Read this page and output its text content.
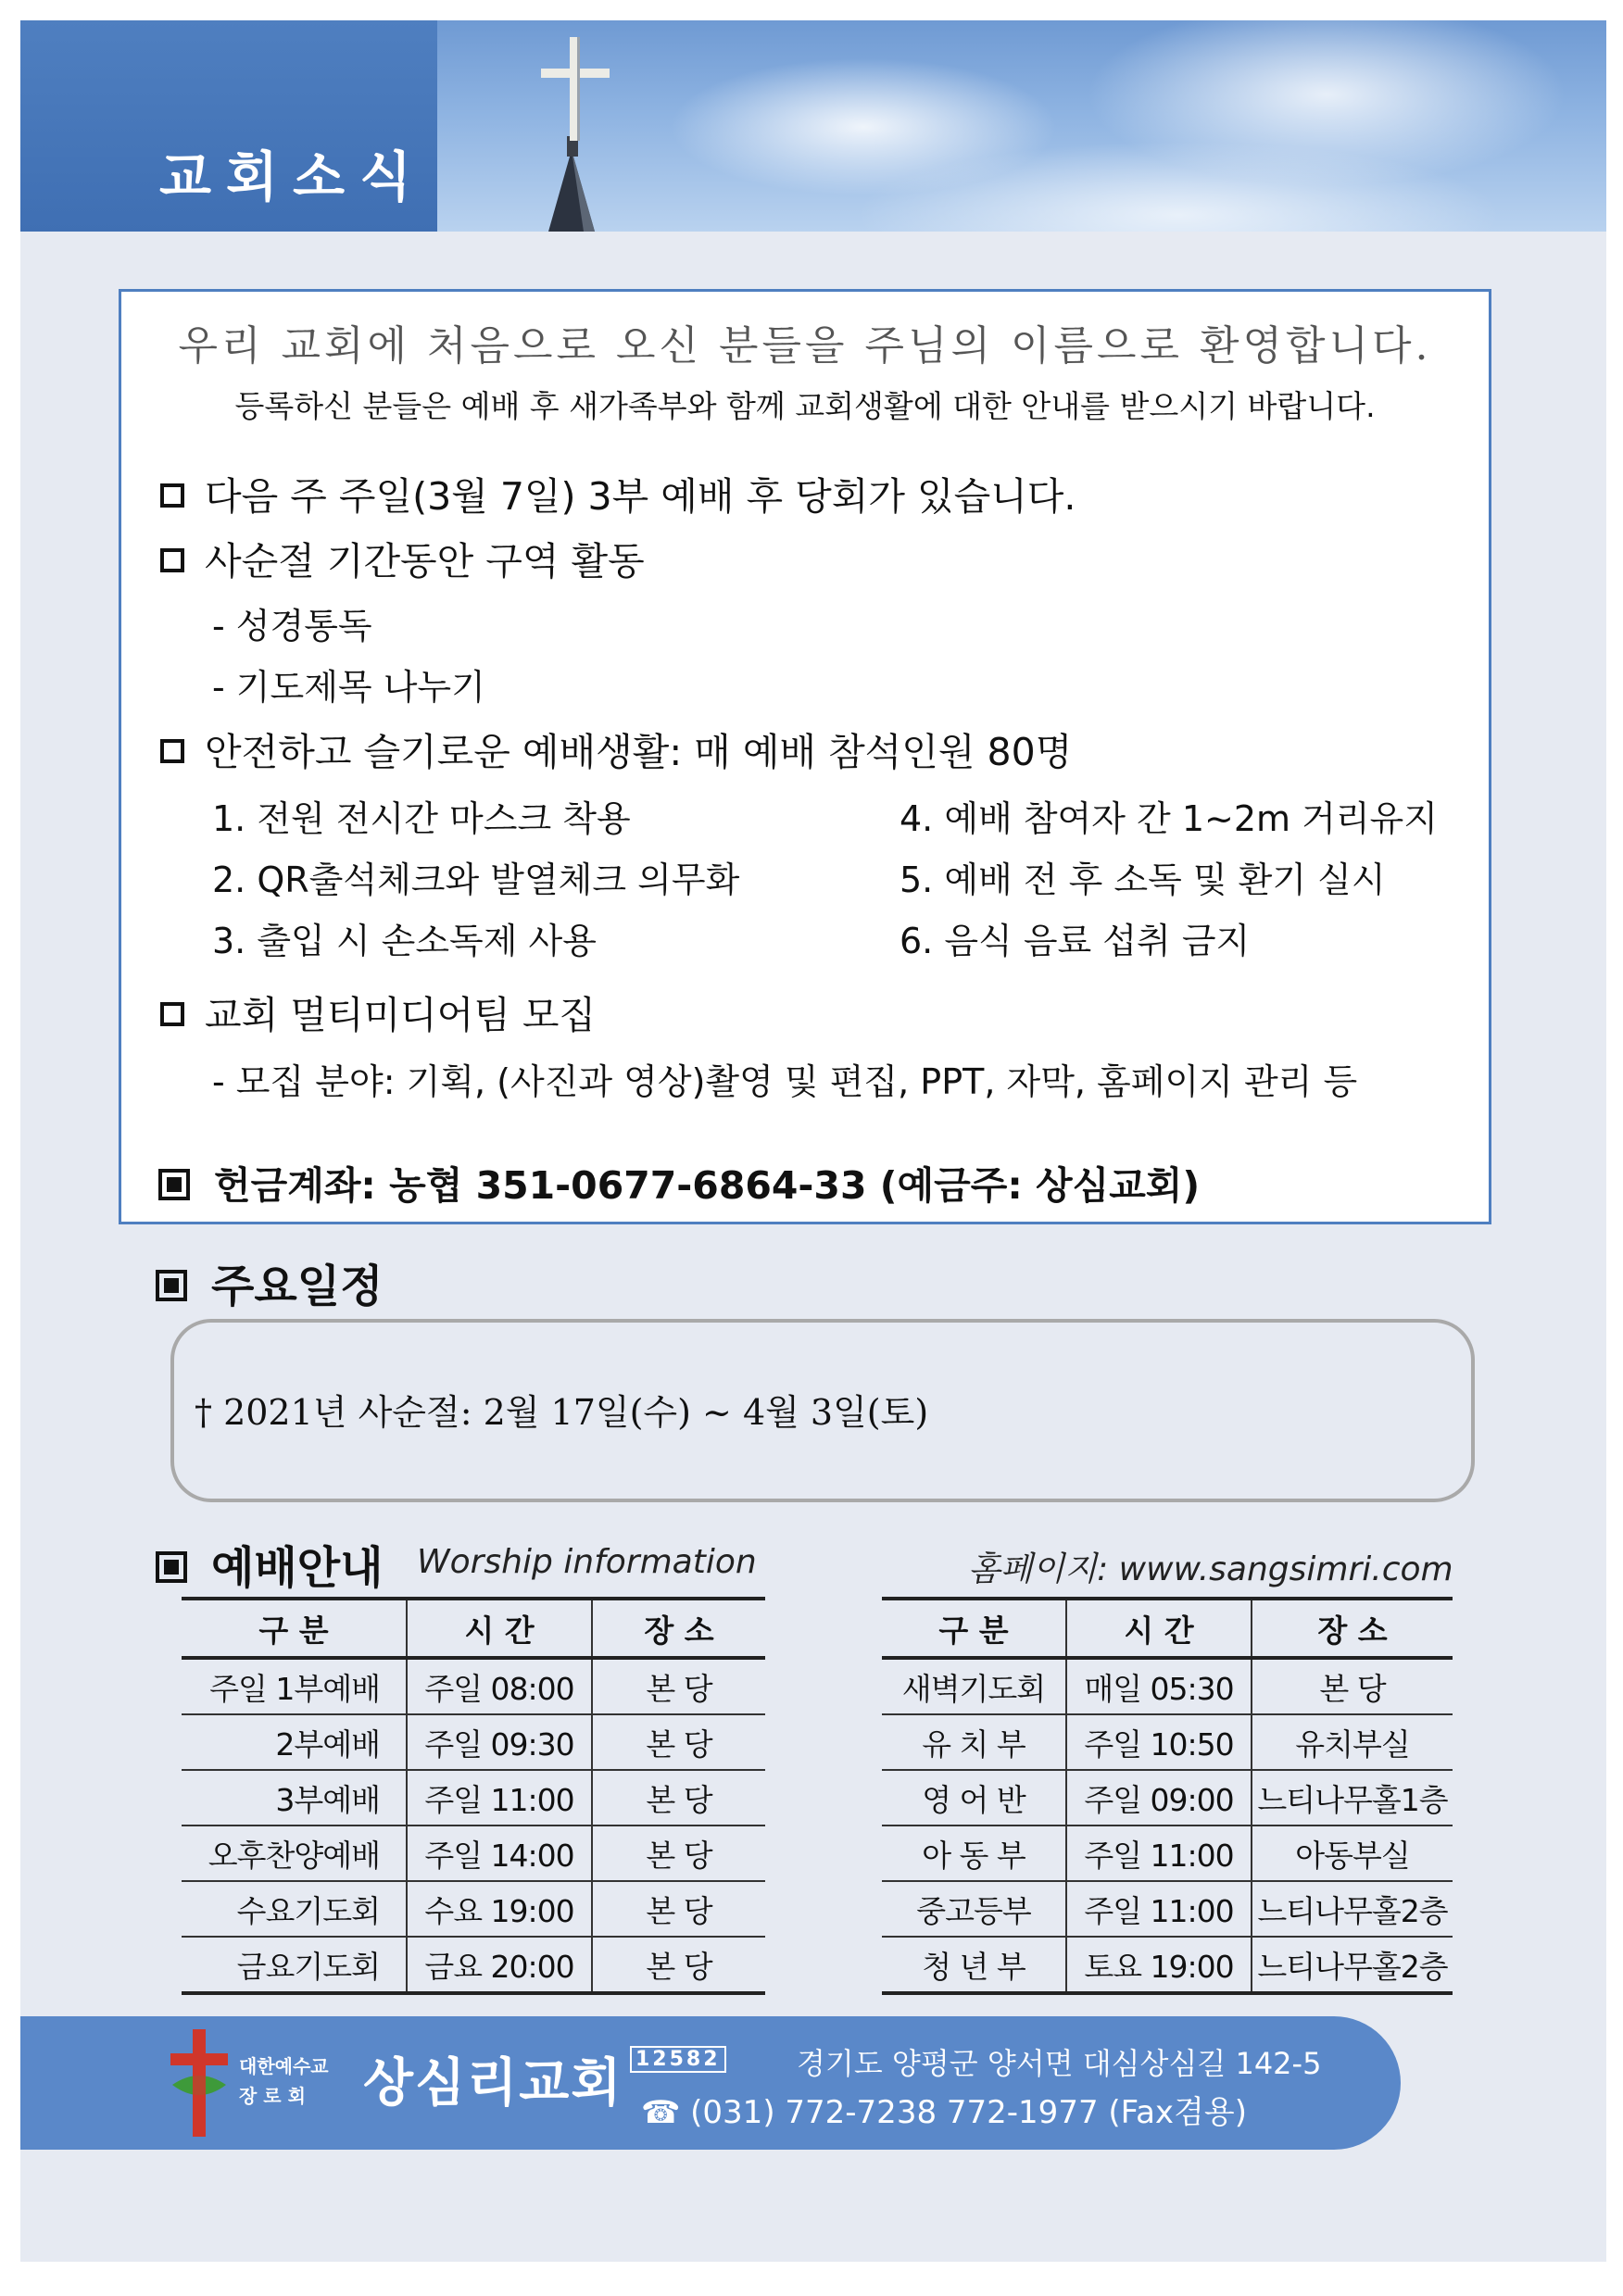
교회소식
우리 교회에 처음으로 오신 분들을 주님의 이름으로 환영합니다.
등록하신 분들은 예배 후 새가족부와 함께 교회생활에 대한 안내를 받으시기 바랍니다.
다음 주 주일(3월 7일) 3부 예배 후 당회가 있습니다.
사순절 기간동안 구역 활동
- 성경통독
- 기도제목 나누기
안전하고 슬기로운 예배생활: 매 예배 참석인원 80명
1. 전원 전시간 마스크 착용
2. QR출석체크와 발열체크 의무화
3. 출입 시 손소독제 사용
4. 예배 참여자 간 1~2m 거리유지
5. 예배 전 후 소독 및 환기 실시
6. 음식 음료 섭취 금지
교회 멀티미디어팀 모집
- 모집 분야: 기획, (사진과 영상)촬영 및 편집, PPT, 자막, 홈페이지 관리 등
헌금계좌: 농협 351-0677-6864-33 (예금주: 상심교회)
주요일정
† 2021년 사순절: 2월 17일(수) ~ 4월 3일(토)
예배안내 Worship information	홈페이지: www.sangsimri.com
구 분	시 간	장 소
주일 1부예배	주일 08:00	본 당
2부예배	주일 09:30	본 당
3부예배	주일 11:00	본 당
오후찬양예배	주일 14:00	본 당
수요기도회	수요 19:00	본 당
금요기도회	금요 20:00	본 당
구 분	시 간	장 소
새벽기도회	매일 05:30	본 당
유 치 부	주일 10:50	유치부실
영 어 반	주일 09:00	느티나무홀1층
아 동 부	주일 11:00	아동부실
중고등부	주일 11:00	느티나무홀2층
청 년 부	토요 19:00	느티나무홀2층
대한예수교
장 로 회	상심리교회 12582	경기도 양평군 양서면 대심상심길 142-5
☎ (031) 772-7238 772-1977 (Fax겸용)
